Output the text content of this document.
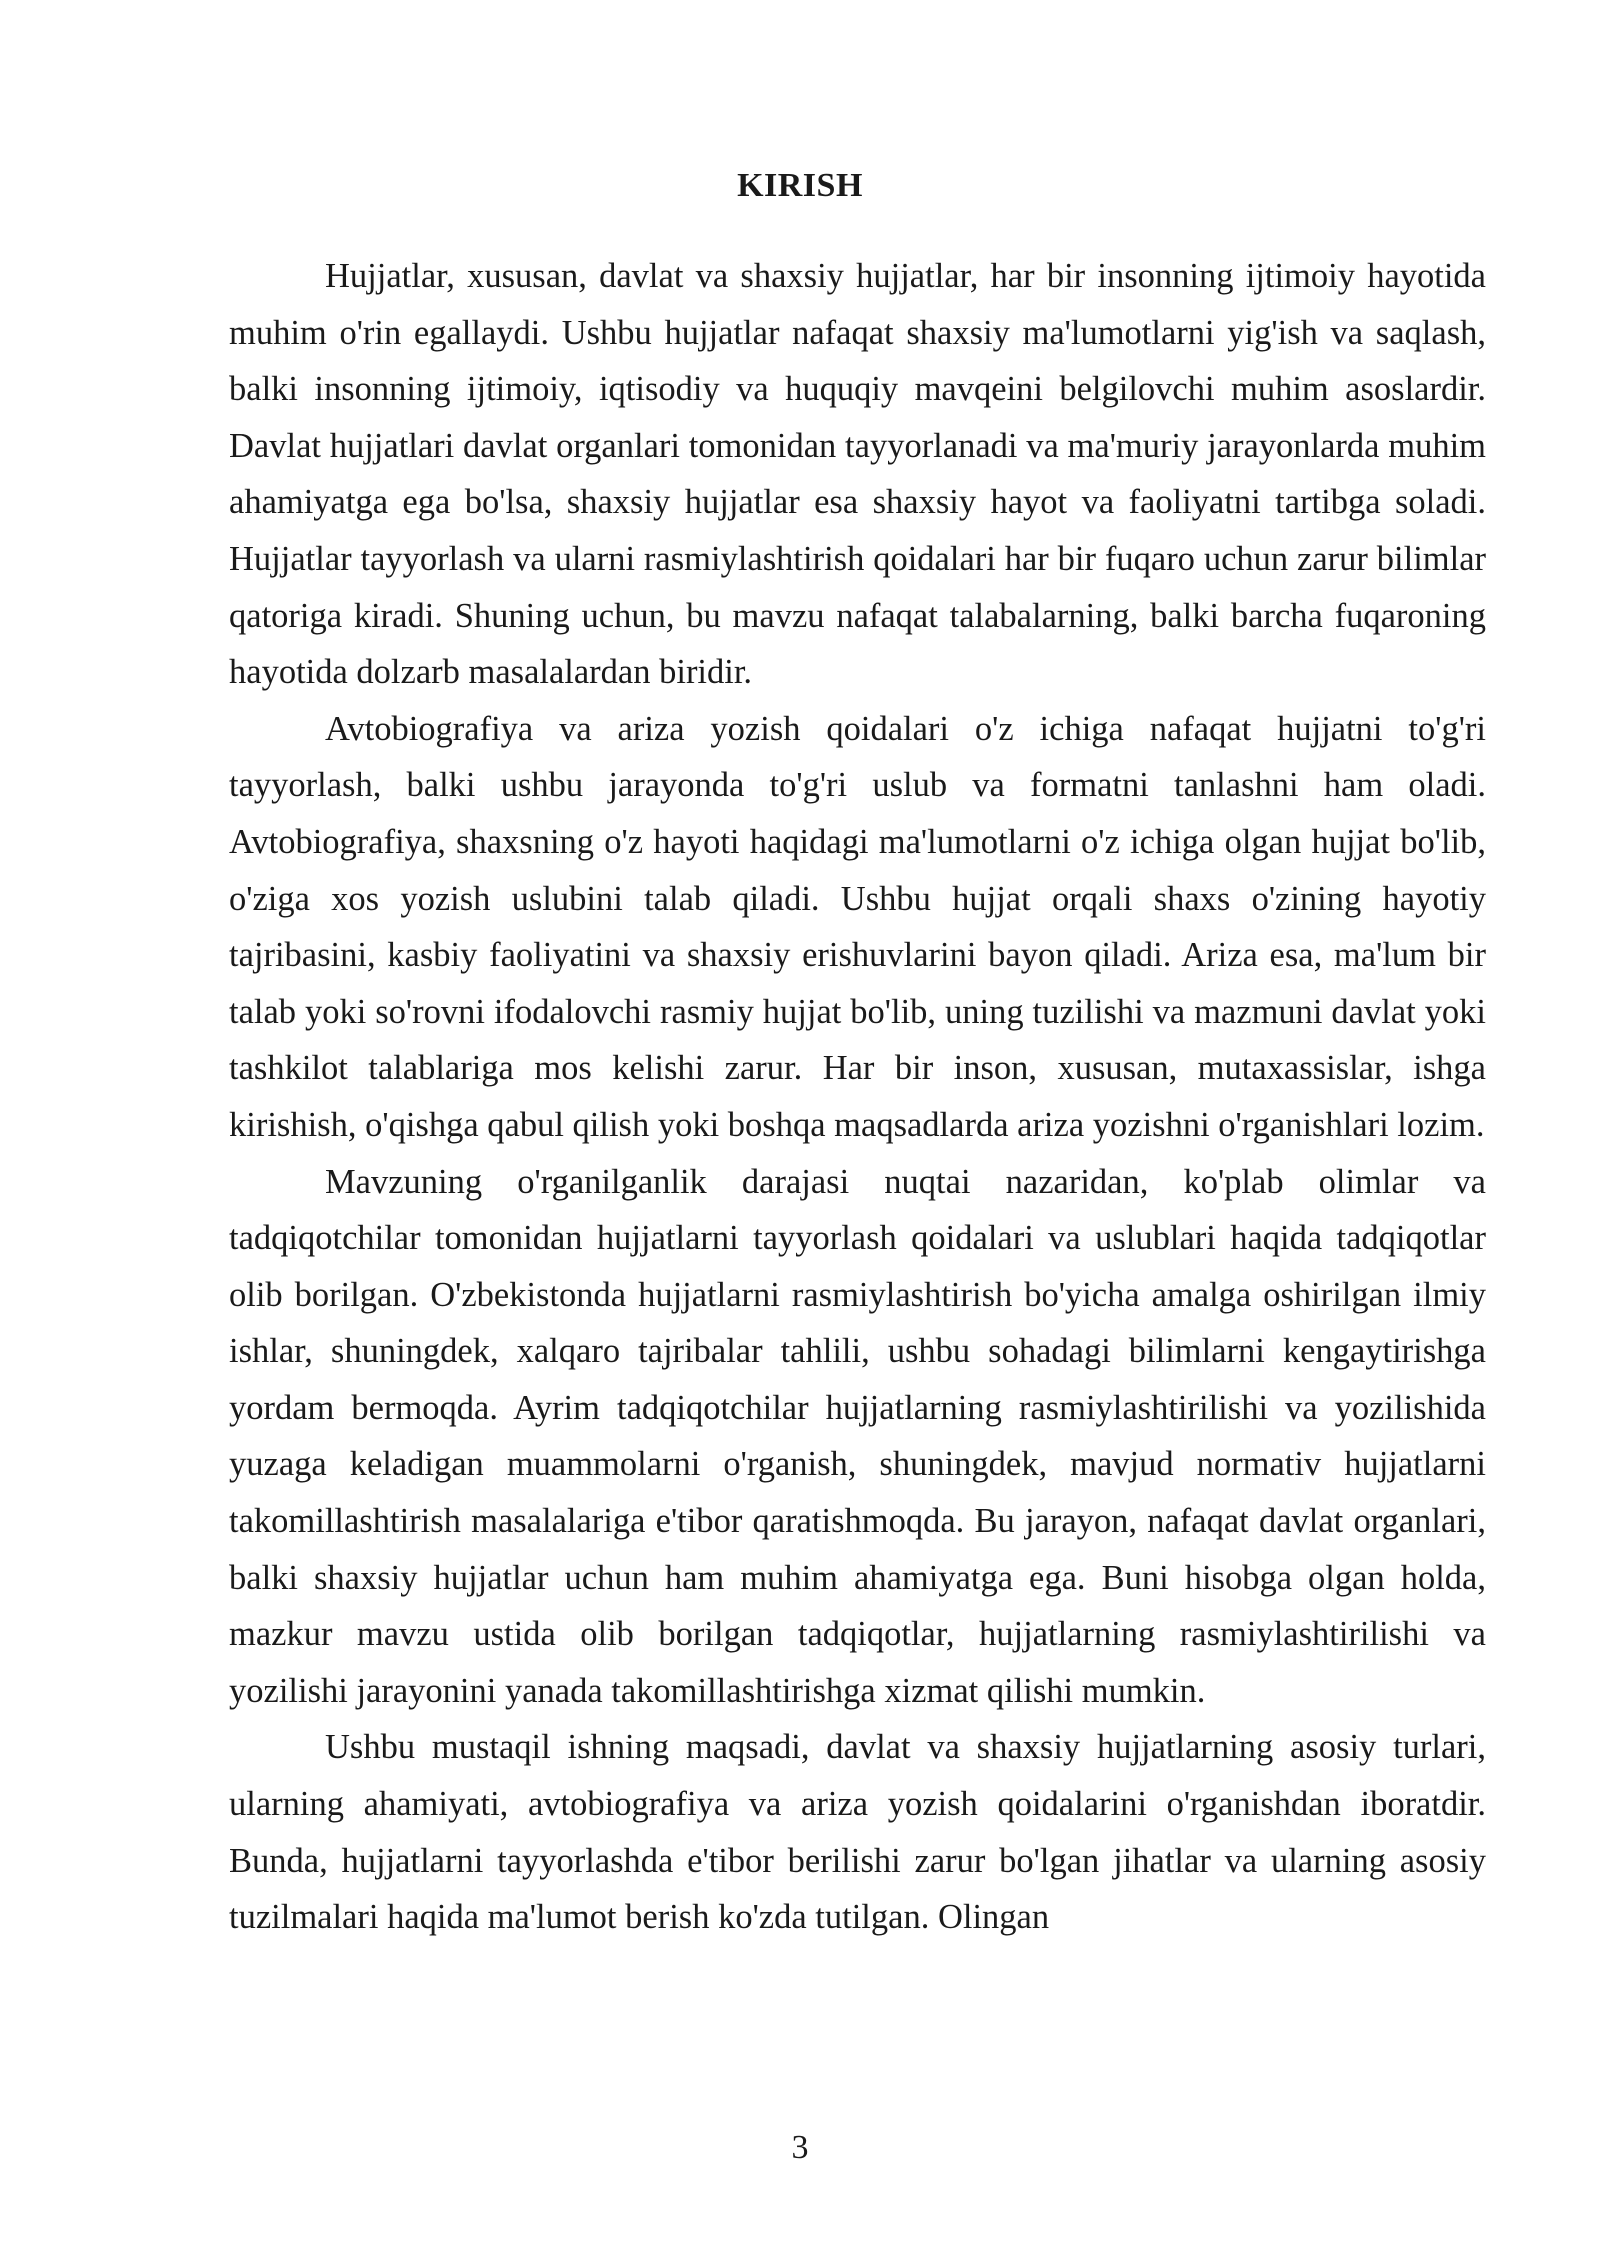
KIRISH

Hujjatlar, xususan, davlat va shaxsiy hujjatlar, har bir insonning ijtimoiy hayotida muhim o'rin egallaydi. Ushbu hujjatlar nafaqat shaxsiy ma'lumotlarni yig'ish va saqlash, balki insonning ijtimoiy, iqtisodiy va huquqiy mavqeini belgilovchi muhim asoslardir. Davlat hujjatlari davlat organlari tomonidan tayyorlanadi va ma'muriy jarayonlarda muhim ahamiyatga ega bo'lsa, shaxsiy hujjatlar esa shaxsiy hayot va faoliyatni tartibga soladi. Hujjatlar tayyorlash va ularni rasmiylashtirish qoidalari har bir fuqaro uchun zarur bilimlar qatoriga kiradi. Shuning uchun, bu mavzu nafaqat talabalarning, balki barcha fuqaroning hayotida dolzarb masalalardan biridir.

Avtobiografiya va ariza yozish qoidalari o'z ichiga nafaqat hujjatni to'g'ri tayyorlash, balki ushbu jarayonda to'g'ri uslub va formatni tanlashni ham oladi. Avtobiografiya, shaxsning o'z hayoti haqidagi ma'lumotlarni o'z ichiga olgan hujjat bo'lib, o'ziga xos yozish uslubini talab qiladi. Ushbu hujjat orqali shaxs o'zining hayotiy tajribasini, kasbiy faoliyatini va shaxsiy erishuvlarini bayon qiladi. Ariza esa, ma'lum bir talab yoki so'rovni ifodalovchi rasmiy hujjat bo'lib, uning tuzilishi va mazmuni davlat yoki tashkilot talablariga mos kelishi zarur. Har bir inson, xususan, mutaxassislar, ishga kirishish, o'qishga qabul qilish yoki boshqa maqsadlarda ariza yozishni o'rganishlari lozim.

Mavzuning o'rganilganlik darajasi nuqtai nazaridan, ko'plab olimlar va tadqiqotchilar tomonidan hujjatlarni tayyorlash qoidalari va uslublari haqida tadqiqotlar olib borilgan. O'zbekistonda hujjatlarni rasmiylashtirish bo'yicha amalga oshirilgan ilmiy ishlar, shuningdek, xalqaro tajribalar tahlili, ushbu sohadagi bilimlarni kengaytirishga yordam bermoqda. Ayrim tadqiqotchilar hujjatlarning rasmiylashtirilishi va yozilishida yuzaga keladigan muammolarni o'rganish, shuningdek, mavjud normativ hujjatlarni takomillashtirish masalalariga e'tibor qaratishmoqda. Bu jarayon, nafaqat davlat organlari, balki shaxsiy hujjatlar uchun ham muhim ahamiyatga ega. Buni hisobga olgan holda, mazkur mavzu ustida olib borilgan tadqiqotlar, hujjatlarning rasmiylashtirilishi va yozilishi jarayonini yanada takomillashtirishga xizmat qilishi mumkin.

Ushbu mustaqil ishning maqsadi, davlat va shaxsiy hujjatlarning asosiy turlari, ularning ahamiyati, avtobiografiya va ariza yozish qoidalarini o'rganishdan iboratdir. Bunda, hujjatlarni tayyorlashda e'tibor berilishi zarur bo'lgan jihatlar va ularning asosiy tuzilmalari haqida ma'lumot berish ko'zda tutilgan. Olingan

3
